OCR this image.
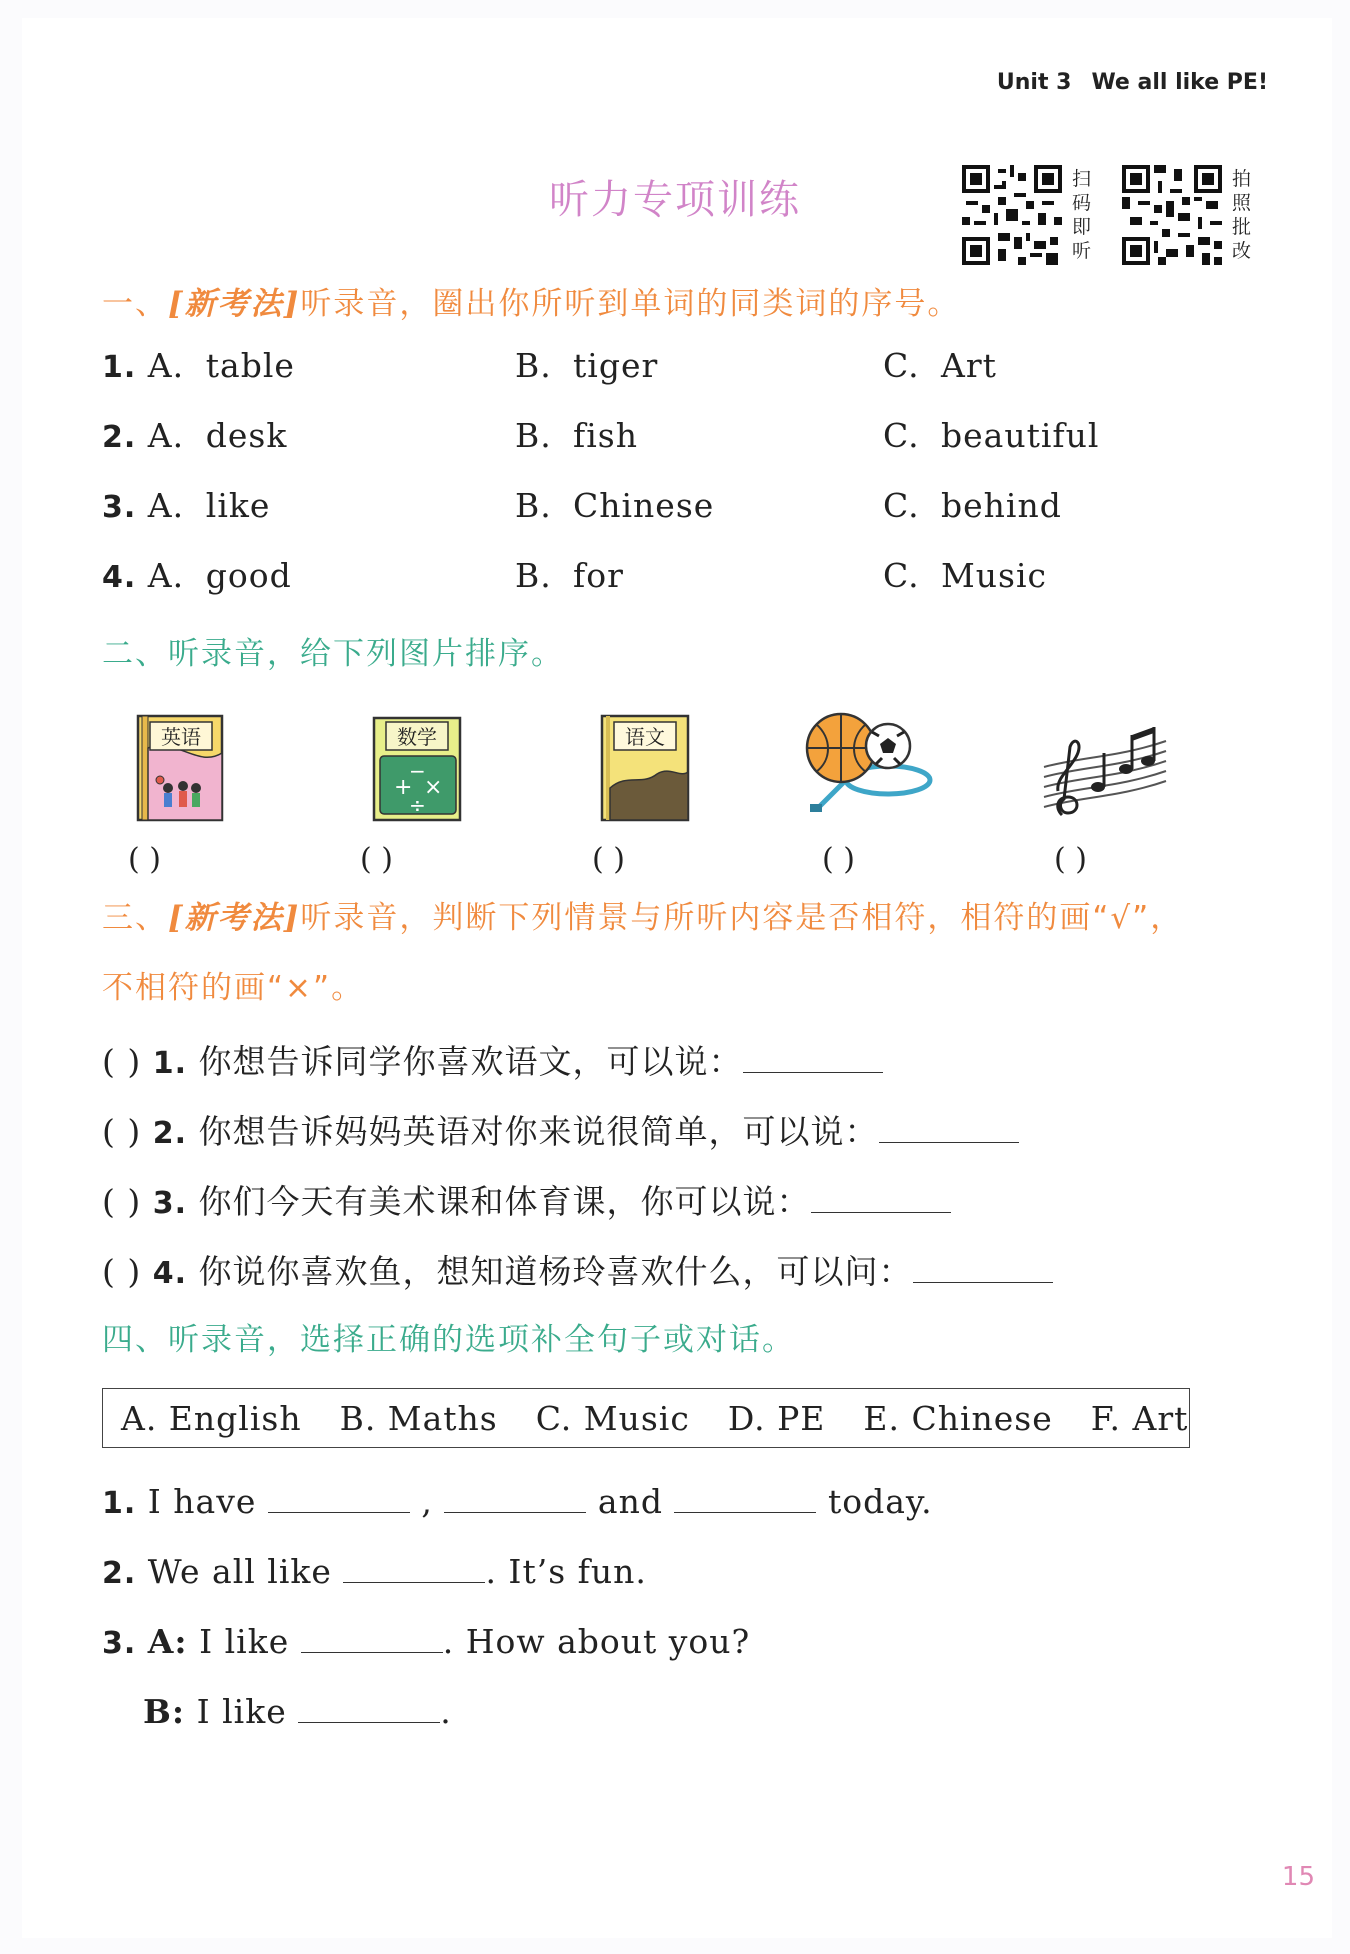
Unit 3 We all like PE!
听力专项训练	扫
码
即
听
拍
照
批
改
一、[新考法]听录音，圈出你所听到单词的同类词的序号。
1. A. table	B. tiger	C. Art
2. A. desk	B. fish	C. beautiful
3. A. like	B. Chinese	C. behind
4. A. good	B. for	C. Music
二、听录音，给下列图片排序。
英语	数学
+ ×
−
÷
语文
( )	( )	( )	( )	( )
三、[新考法]听录音，判断下列情景与所听内容是否相符，相符的画“√”，
不相符的画“×”。
( ) 1. 你想告诉同学你喜欢语文，可以说：
( ) 2. 你想告诉妈妈英语对你来说很简单，可以说：
( ) 3. 你们今天有美术课和体育课，你可以说：
( ) 4. 你说你喜欢鱼，想知道杨玲喜欢什么，可以问：
四、听录音，选择正确的选项补全句子或对话。
A. English B. Maths C. Music D. PE E. Chinese F. Art
1. I have	,	and	today.
2. We all like	. It’s fun.
3. A: I like	. How about you?
B: I like	.
15
